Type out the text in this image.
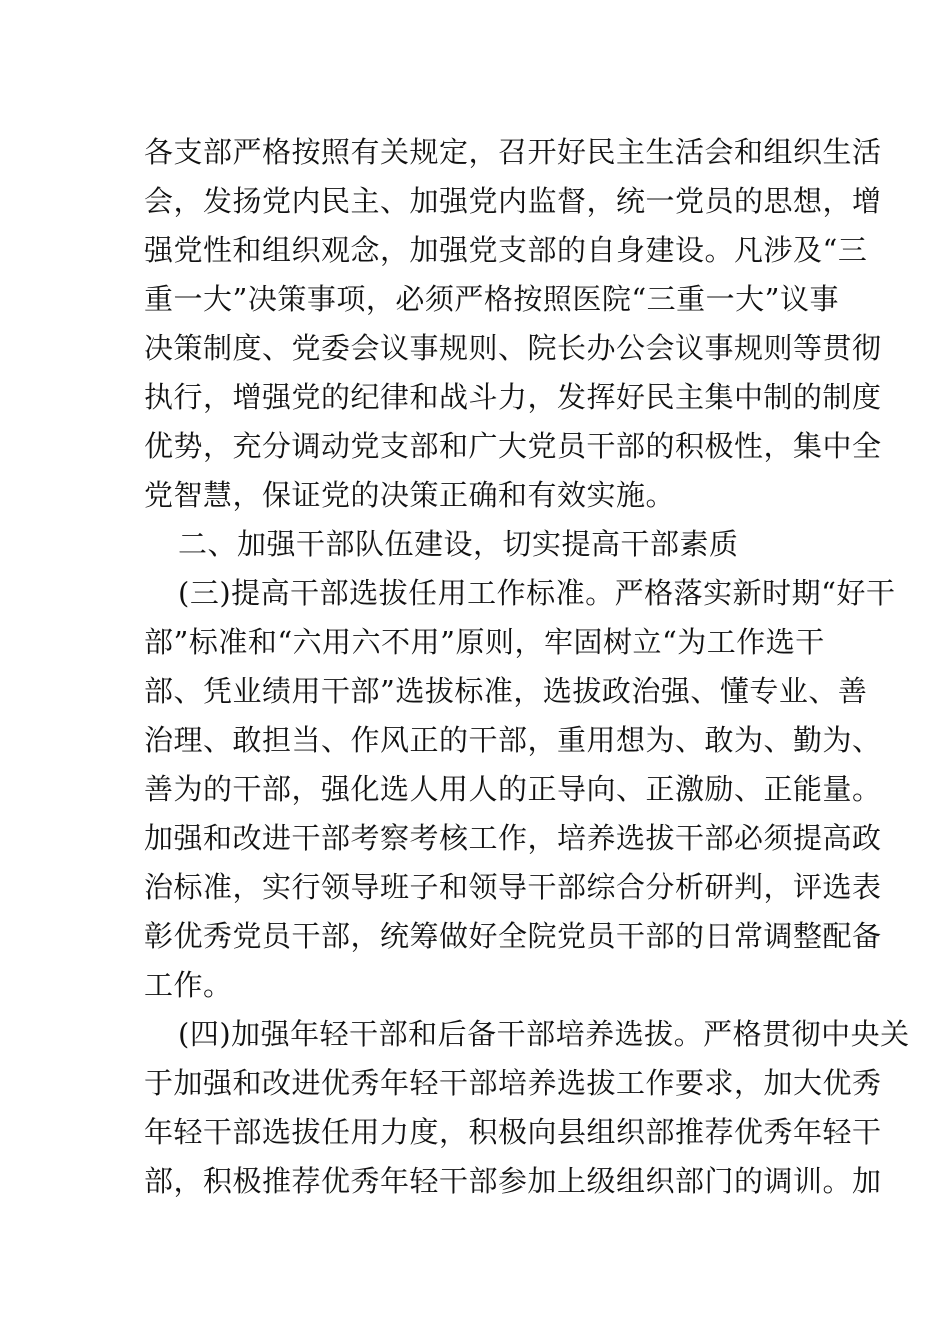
各支部严格按照有关规定，召开好民主生活会和组织生活
会，发扬党内民主、加强党内监督，统一党员的思想，增
强党性和组织观念，加强党支部的自身建设。凡涉及“三
重一大”决策事项，必须严格按照医院“三重一大”议事
决策制度、党委会议事规则、院长办公会议事规则等贯彻
执行，增强党的纪律和战斗力，发挥好民主集中制的制度
优势，充分调动党支部和广大党员干部的积极性，集中全
党智慧，保证党的决策正确和有效实施。
二、加强干部队伍建设，切实提高干部素质
(三)提高干部选拔任用工作标准。严格落实新时期“好干
部”标准和“六用六不用”原则，牢固树立“为工作选干
部、凭业绩用干部”选拔标准，选拔政治强、懂专业、善
治理、敢担当、作风正的干部，重用想为、敢为、勤为、
善为的干部，强化选人用人的正导向、正激励、正能量。
加强和改进干部考察考核工作，培养选拔干部必须提高政
治标准，实行领导班子和领导干部综合分析研判，评选表
彰优秀党员干部，统筹做好全院党员干部的日常调整配备
工作。
(四)加强年轻干部和后备干部培养选拔。严格贯彻中央关
于加强和改进优秀年轻干部培养选拔工作要求，加大优秀
年轻干部选拔任用力度，积极向县组织部推荐优秀年轻干
部，积极推荐优秀年轻干部参加上级组织部门的调训。加
